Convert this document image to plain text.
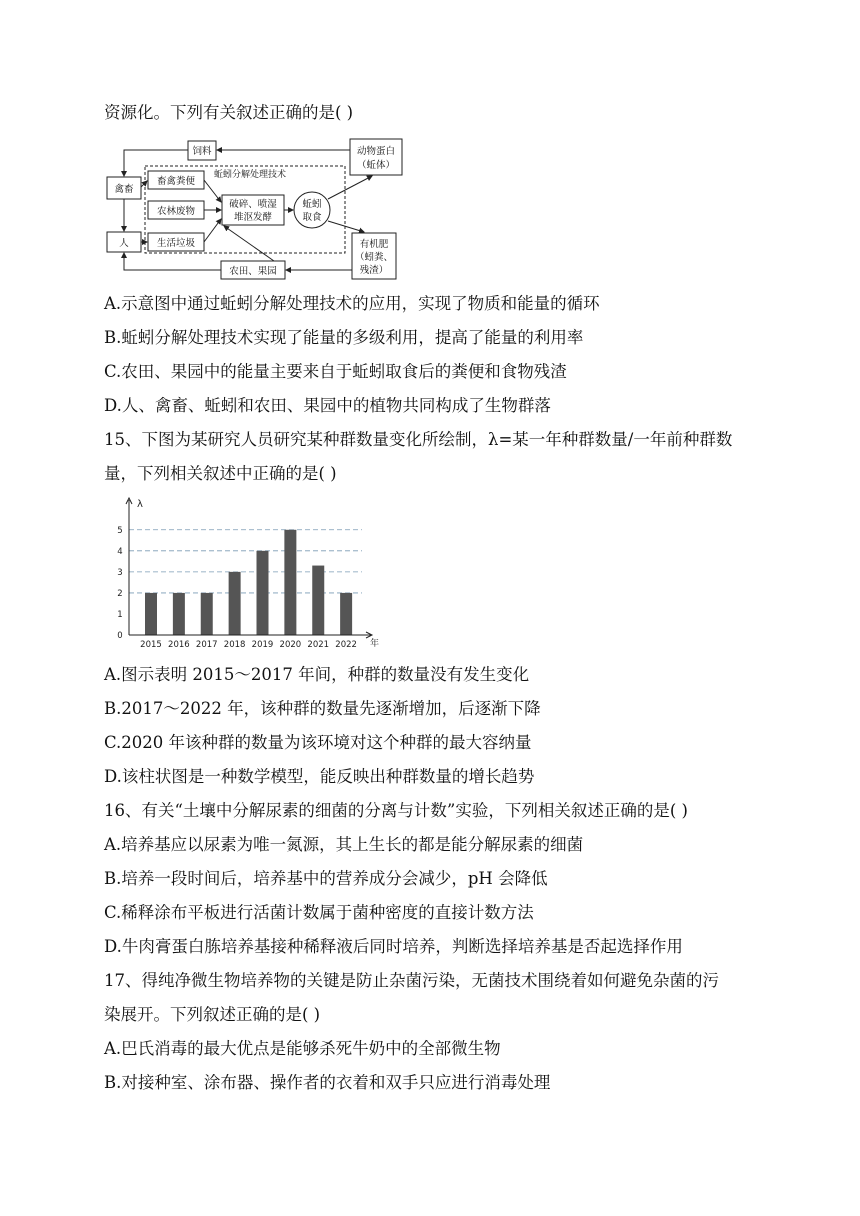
资源化。下列有关叙述正确的是( )
饲料	动物蛋白
（蚯体）
禽畜
畜禽粪便
蚯蚓分解处理技术
农林废物
破碎、喷湿
堆沤发酵
蚯蚓
取食
人	生活垃圾	有机肥
（蚓粪、
残渣）
农田、果园
A.示意图中通过蚯蚓分解处理技术的应用，实现了物质和能量的循环
B.蚯蚓分解处理技术实现了能量的多级利用，提高了能量的利用率
C.农田、果园中的能量主要来自于蚯蚓取食后的粪便和食物残渣
D.人、禽畜、蚯蚓和农田、果园中的植物共同构成了生物群落
15、下图为某研究人员研究某种群数量变化所绘制，λ=某一年种群数量/一年前种群数
量，下列相关叙述中正确的是( )
0
1
2
3
4
5
2015 2016 2017 2018 2019 2020 2021 2022
λ
年
A.图示表明 2015～2017 年间，种群的数量没有发生变化
B.2017～2022 年，该种群的数量先逐渐增加，后逐渐下降
C.2020 年该种群的数量为该环境对这个种群的最大容纳量
D.该柱状图是一种数学模型，能反映出种群数量的增长趋势
16、有关“土壤中分解尿素的细菌的分离与计数”实验，下列相关叙述正确的是( )
A.培养基应以尿素为唯一氮源，其上生长的都是能分解尿素的细菌
B.培养一段时间后，培养基中的营养成分会减少，pH 会降低
C.稀释涂布平板进行活菌计数属于菌种密度的直接计数方法
D.牛肉膏蛋白胨培养基接种稀释液后同时培养，判断选择培养基是否起选择作用
17、得纯净微生物培养物的关键是防止杂菌污染，无菌技术围绕着如何避免杂菌的污
染展开。下列叙述正确的是( )
A.巴氏消毒的最大优点是能够杀死牛奶中的全部微生物
B.对接种室、涂布器、操作者的衣着和双手只应进行消毒处理
